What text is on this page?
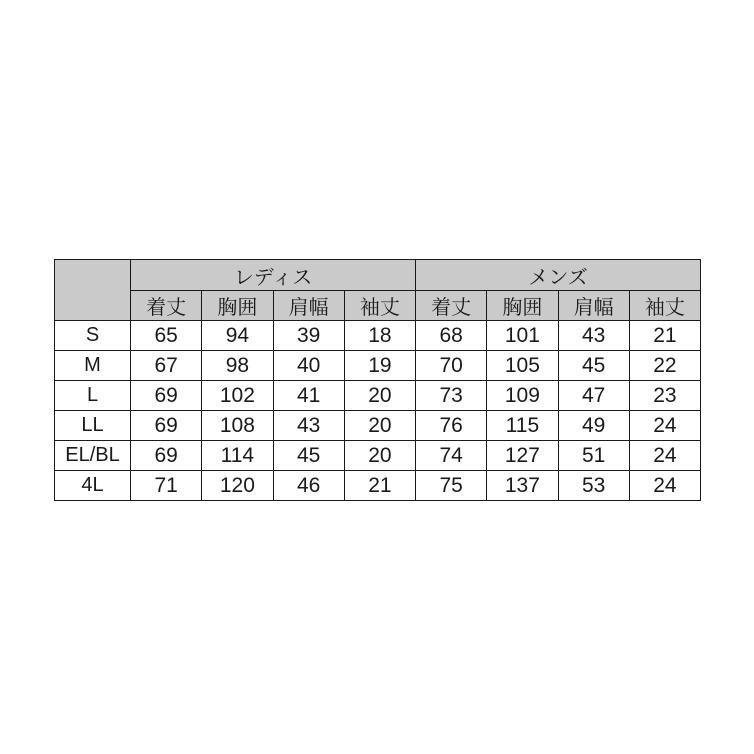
	レディス				メンズ			
	着丈	胸囲	肩幅	袖丈	着丈	胸囲	肩幅	袖丈
S	65	94	39	18	68	101	43	21
M	67	98	40	19	70	105	45	22
L	69	102	41	20	73	109	47	23
LL	69	108	43	20	76	115	49	24
EL/BL	69	114	45	20	74	127	51	24
4L	71	120	46	21	75	137	53	24
